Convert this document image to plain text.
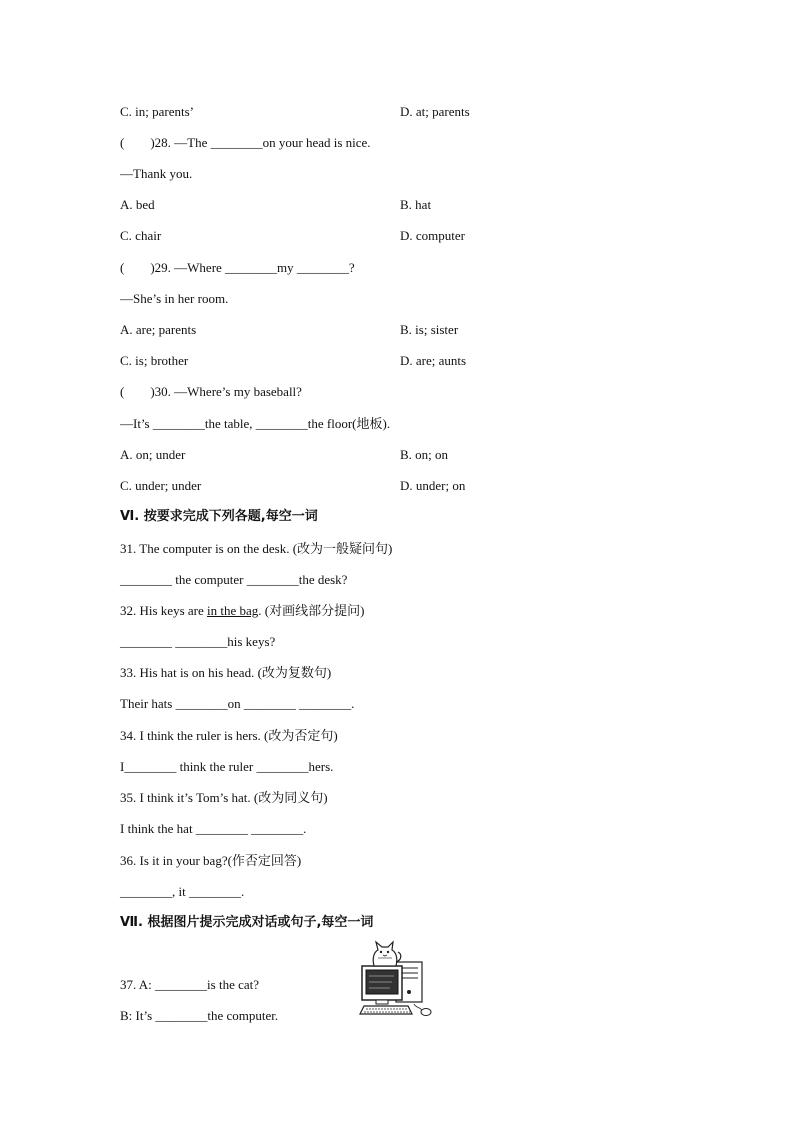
C. in; parents’	D. at; parents
(        )28. —The ________on your head is nice.
—Thank you.
A. bed	B. hat
C. chair	D. computer
(        )29. —Where ________my ________?
—She’s in her room.
A. are; parents	B. is; sister
C. is; brother	D. are; aunts
(        )30. —Where’s my baseball?
—It’s ________the table, ________the floor(地板).
A. on; under	B. on; on
C. under; under	D. under; on
Ⅵ. 按要求完成下列各题,每空一词
31. The computer is on the desk. (改为一般疑问句)
________ the computer ________the desk?
32. His keys are in the bag. (对画线部分提问)
________ ________his keys?
33. His hat is on his head. (改为复数句)
Their hats ________on ________ ________.
34. I think the ruler is hers. (改为否定句)
I________ think the ruler ________hers.
35. I think it’s Tom’s hat. (改为同义句)
I think the hat ________ ________.
36. Is it in your bag?(作否定回答)
________, it ________.
Ⅶ. 根据图片提示完成对话或句子,每空一词
37. A: ________is the cat?
B: It’s ________the computer.
